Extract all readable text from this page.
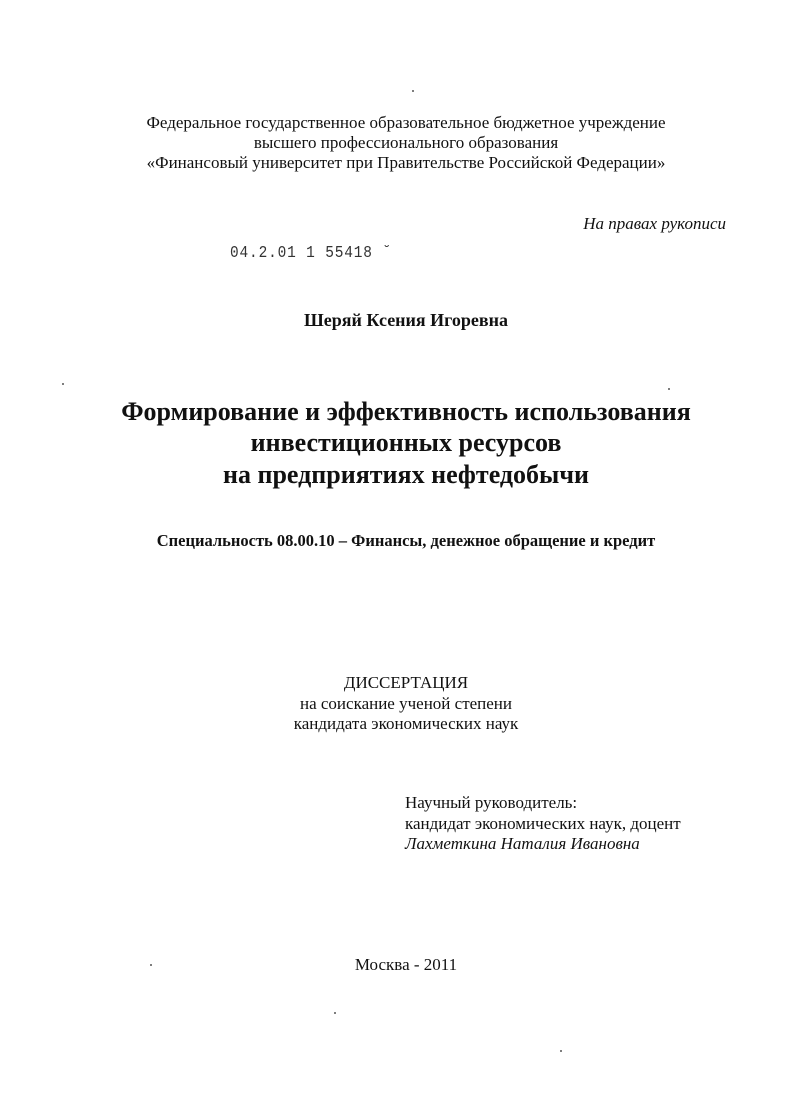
Федеральное государственное образовательное бюджетное учреждение
высшего профессионального образования
«Финансовый университет при Правительстве Российской Федерации»
На правах рукописи
04.2.01 1 55418 ˘
Шеряй Ксения Игоревна
Формирование и эффективность использования
инвестиционных ресурсов
на предприятиях нефтедобычи
Специальность 08.00.10 – Финансы, денежное обращение и кредит
ДИССЕРТАЦИЯ
на соискание ученой степени
кандидата экономических наук
Научный руководитель:
кандидат экономических наук, доцент
Лахметкина Наталия Ивановна
Москва - 2011
